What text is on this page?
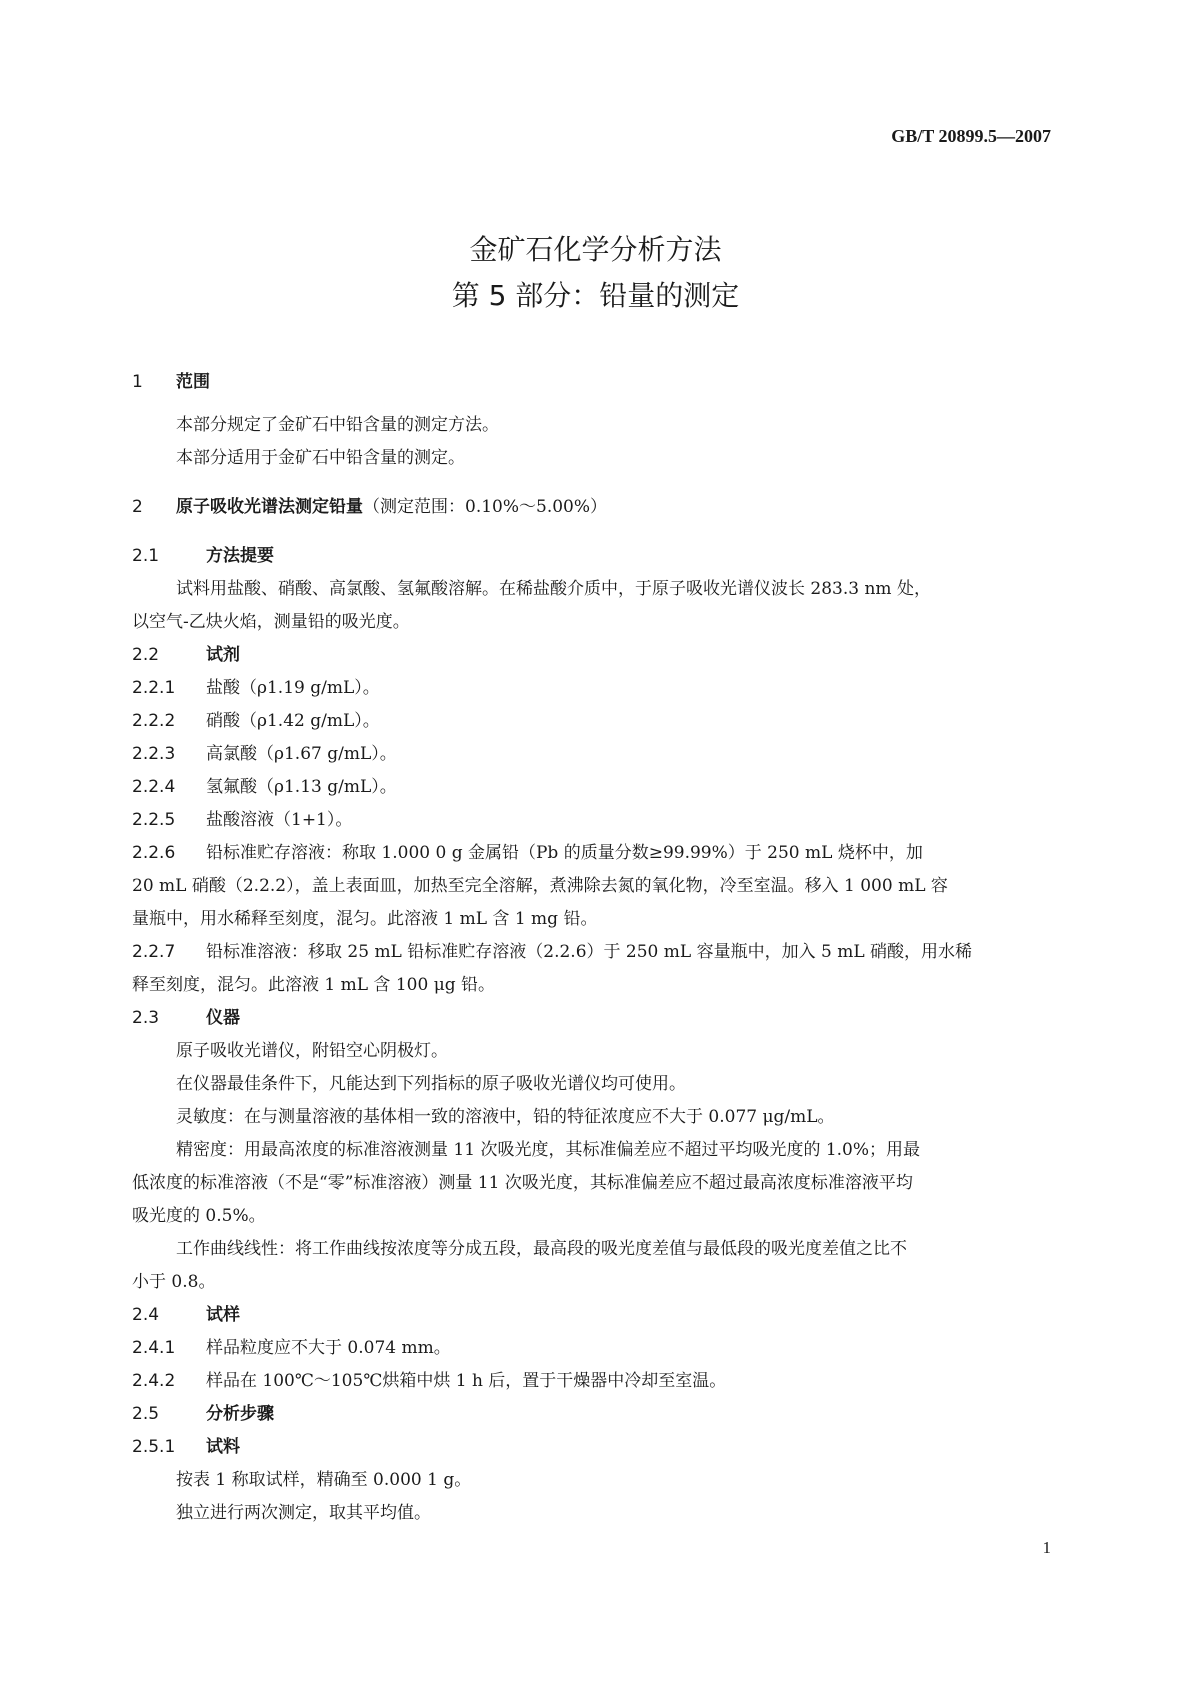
GB/T 20899.5—2007
金矿石化学分析方法
第 5 部分：铅量的测定
1 范围
本部分规定了金矿石中铅含量的测定方法。
本部分适用于金矿石中铅含量的测定。
2 原子吸收光谱法测定铅量（测定范围：0.10%～5.00%）
2.1	方法提要
试料用盐酸、硝酸、高氯酸、氢氟酸溶解。在稀盐酸介质中，于原子吸收光谱仪波长 283.3 nm 处，
以空气-乙炔火焰，测量铅的吸光度。
2.2	试剂
2.2.1 盐酸（ρ1.19 g/mL）。
2.2.2 硝酸（ρ1.42 g/mL）。
2.2.3 高氯酸（ρ1.67 g/mL）。
2.2.4 氢氟酸（ρ1.13 g/mL）。
2.2.5 盐酸溶液（1+1）。
2.2.6 铅标准贮存溶液：称取 1.000 0 g 金属铅（Pb 的质量分数≥99.99%）于 250 mL 烧杯中，加
20 mL 硝酸（2.2.2），盖上表面皿，加热至完全溶解，煮沸除去氮的氧化物，冷至室温。移入 1 000 mL 容
量瓶中，用水稀释至刻度，混匀。此溶液 1 mL 含 1 mg 铅。
2.2.7 铅标准溶液：移取 25 mL 铅标准贮存溶液（2.2.6）于 250 mL 容量瓶中，加入 5 mL 硝酸，用水稀
释至刻度，混匀。此溶液 1 mL 含 100 μg 铅。
2.3	仪器
原子吸收光谱仪，附铅空心阴极灯。
在仪器最佳条件下，凡能达到下列指标的原子吸收光谱仪均可使用。
灵敏度：在与测量溶液的基体相一致的溶液中，铅的特征浓度应不大于 0.077 μg/mL。
精密度：用最高浓度的标准溶液测量 11 次吸光度，其标准偏差应不超过平均吸光度的 1.0%；用最
低浓度的标准溶液（不是“零”标准溶液）测量 11 次吸光度，其标准偏差应不超过最高浓度标准溶液平均
吸光度的 0.5%。
工作曲线线性：将工作曲线按浓度等分成五段，最高段的吸光度差值与最低段的吸光度差值之比不
小于 0.8。
2.4	试样
2.4.1 样品粒度应不大于 0.074 mm。
2.4.2 样品在 100℃～105℃烘箱中烘 1 h 后，置于干燥器中冷却至室温。
2.5	分析步骤
2.5.1 试料
按表 1 称取试样，精确至 0.000 1 g。
独立进行两次测定，取其平均值。
1
